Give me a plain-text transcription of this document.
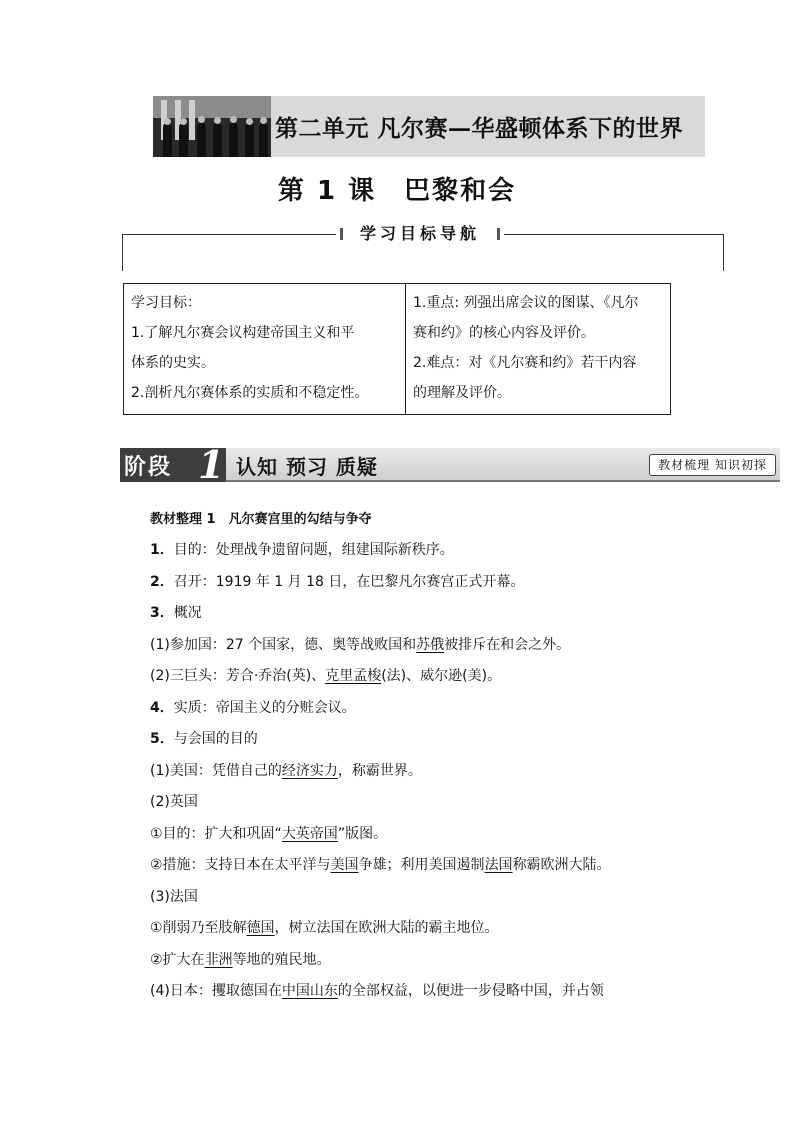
第二单元 凡尔赛—华盛顿体系下的世界
第 1 课　巴黎和会
学习目标导航
学习目标：
1.了解凡尔赛会议构建帝国主义和平
体系的史实。
2.剖析凡尔赛体系的实质和不稳定性。

1.重点: 列强出席会议的图谋、《凡尔
赛和约》的核心内容及评价。
2.难点：对《凡尔赛和约》若干内容
的理解及评价。
阶段 1 认知 预习 质疑	教材梳理 知识初探

教材整理 1　凡尔赛宫里的勾结与争夺

1．目的：处理战争遗留问题，组建国际新秩序。

2．召开：1919 年 1 月 18 日，在巴黎凡尔赛宫正式开幕。

3．概况

(1)参加国：27 个国家，德、奥等战败国和苏俄被排斥在和会之外。

(2)三巨头：芳合·乔治(英)、克里孟梭(法)、威尔逊(美)。

4．实质：帝国主义的分赃会议。

5．与会国的目的

(1)美国：凭借自己的经济实力，称霸世界。

(2)英国

①目的：扩大和巩固“大英帝国”版图。

②措施：支持日本在太平洋与美国争雄；利用美国遏制法国称霸欧洲大陆。

(3)法国

①削弱乃至肢解德国，树立法国在欧洲大陆的霸主地位。

②扩大在非洲等地的殖民地。

(4)日本：攫取德国在中国山东的全部权益，以便进一步侵略中国，并占领
